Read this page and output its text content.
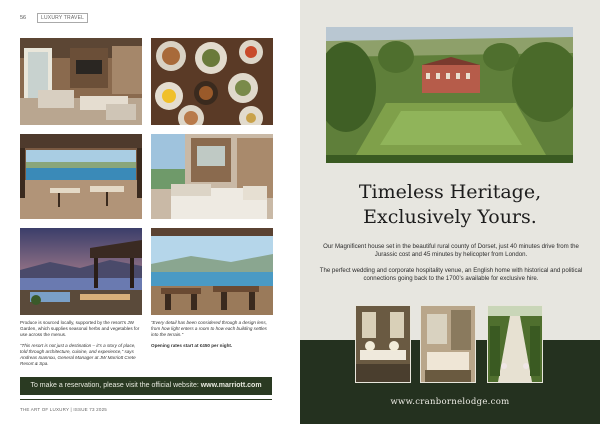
56	LUXURY TRAVEL

Produce is sourced locally, supported by the resort’s JW Garden, which supplies seasonal herbs and vegetables for use across the menus.

“This resort is not just a destination – it’s a story of place, told through architecture, cuisine, and experience,” says Andreas Ioannou, General Manager at JW Marriott Crete Resort & Spa.

“Every detail has been considered through a design lens, from how light enters a room to how each building settles into the terrain.”

Opening rates start at €450 per night.

To make a reservation, please visit the official website: www.marriott.com
THE ART OF LUXURY | ISSUE 73 2025
Timeless Heritage,
Exclusively Yours.
Our Magnificent house set in the beautiful rural county of Dorset, just 40 minutes drive from the Jurassic cost and 45 minutes by helicopter from London.
The perfect wedding and corporate hospitality venue, an English home with historical and political connections going back to the 1700’s available for exclusive hire.
www.cranbornelodge.com
